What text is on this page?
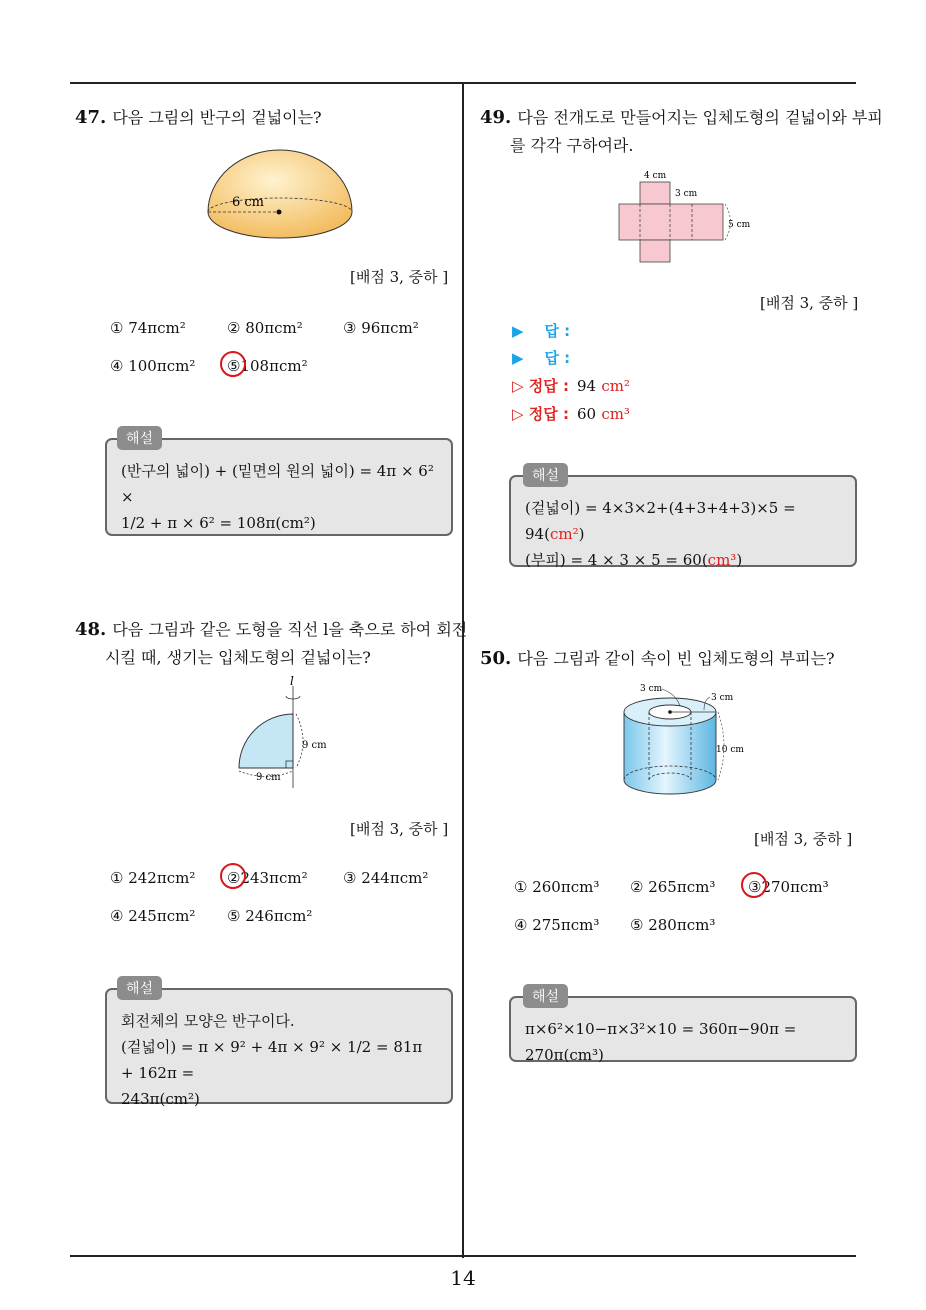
47. 다음 그림의 반구의 겉넓이는?
6 cm
[배점 3, 중하 ]
① 74πcm²	② 80πcm²	③ 96πcm²
④ 100πcm² ⑤108πcm²
(반구의 넓이) + (밑면의 원의 넓이) = 4π × 6² ×
1/2 + π × 6² = 108π(cm²)
해설
48. 다음 그림과 같은 도형을 직선 l을 축으로 하여 회전
시킬 때, 생기는 입체도형의 겉넓이는?
l
9 cm
9 cm
[배점 3, 중하 ]
① 242πcm² ②243πcm² ③ 244πcm²
④ 245πcm² ⑤ 246πcm²
회전체의 모양은 반구이다.
(겉넓이) = π × 9² + 4π × 9² × 1/2 = 81π + 162π =
243π(cm²)
해설
49. 다음 전개도로 만들어지는 입체도형의 겉넓이와 부피
를 각각 구하여라.
4 cm
3 cm
5 cm
[배점 3, 중하 ]
▶ 답 :
▶ 답 :
▷ 정답 : 94 cm²
▷ 정답 : 60 cm³
(겉넓이) = 4×3×2+(4+3+4+3)×5 = 94(cm²)
(부피) = 4 × 3 × 5 = 60(cm³)
해설
50. 다음 그림과 같이 속이 빈 입체도형의 부피는?
3 cm
3 cm
10 cm
[배점 3, 중하 ]
① 260πcm³ ② 265πcm³ ③270πcm³
④ 275πcm³ ⑤ 280πcm³
π×6²×10−π×3²×10 = 360π−90π = 270π(cm³)
해설
14
